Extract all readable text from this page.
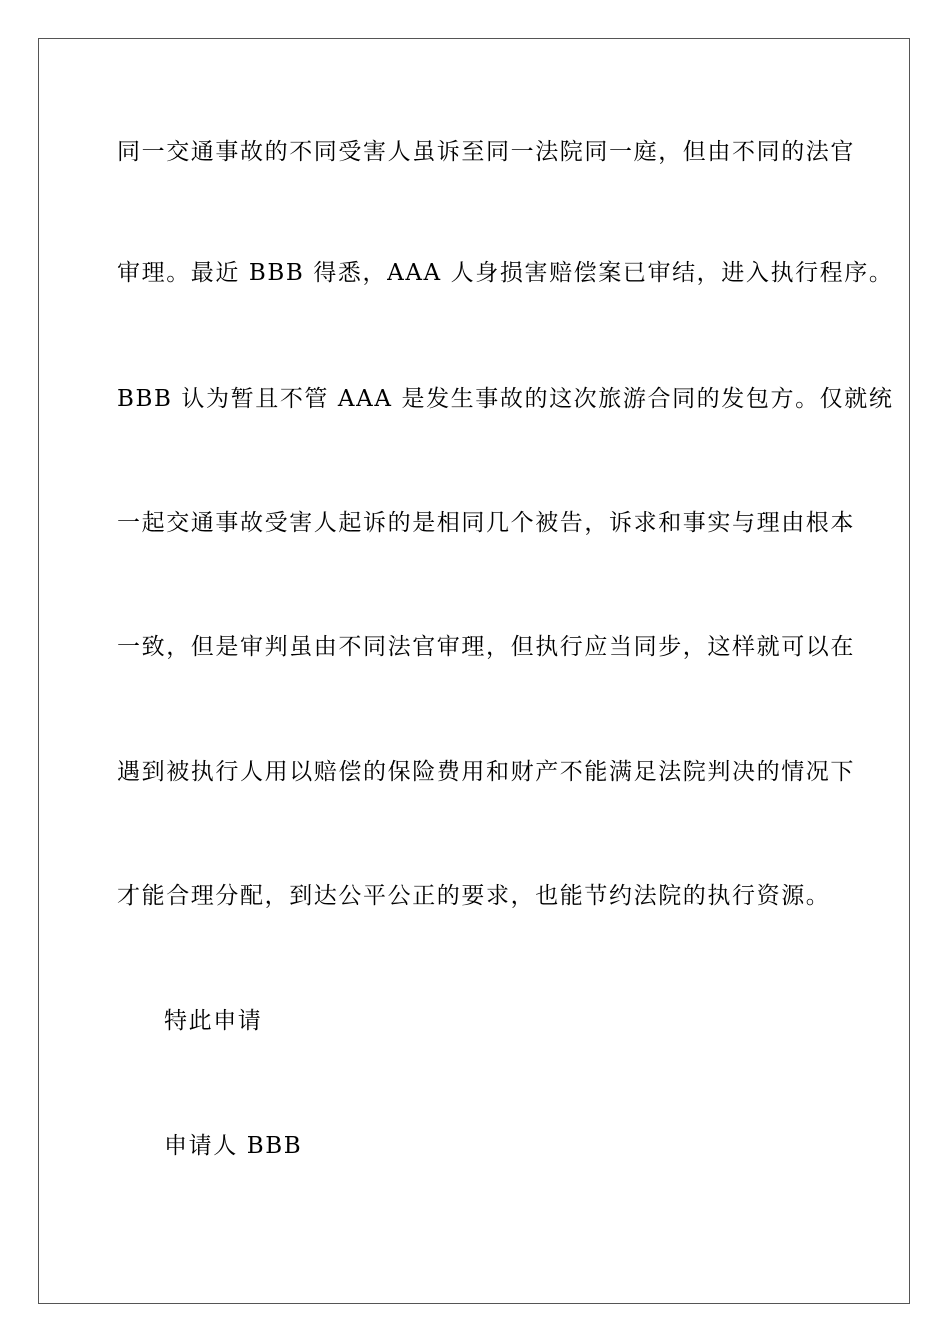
同一交通事故的不同受害人虽诉至同一法院同一庭，但由不同的法官
审理。最近 BBB 得悉，AAA 人身损害赔偿案已审结，进入执行程序。
BBB 认为暂且不管 AAA 是发生事故的这次旅游合同的发包方。仅就统
一起交通事故受害人起诉的是相同几个被告，诉求和事实与理由根本
一致，但是审判虽由不同法官审理，但执行应当同步，这样就可以在
遇到被执行人用以赔偿的保险费用和财产不能满足法院判决的情况下
才能合理分配，到达公平公正的要求，也能节约法院的执行资源。
特此申请
申请人 BBB
